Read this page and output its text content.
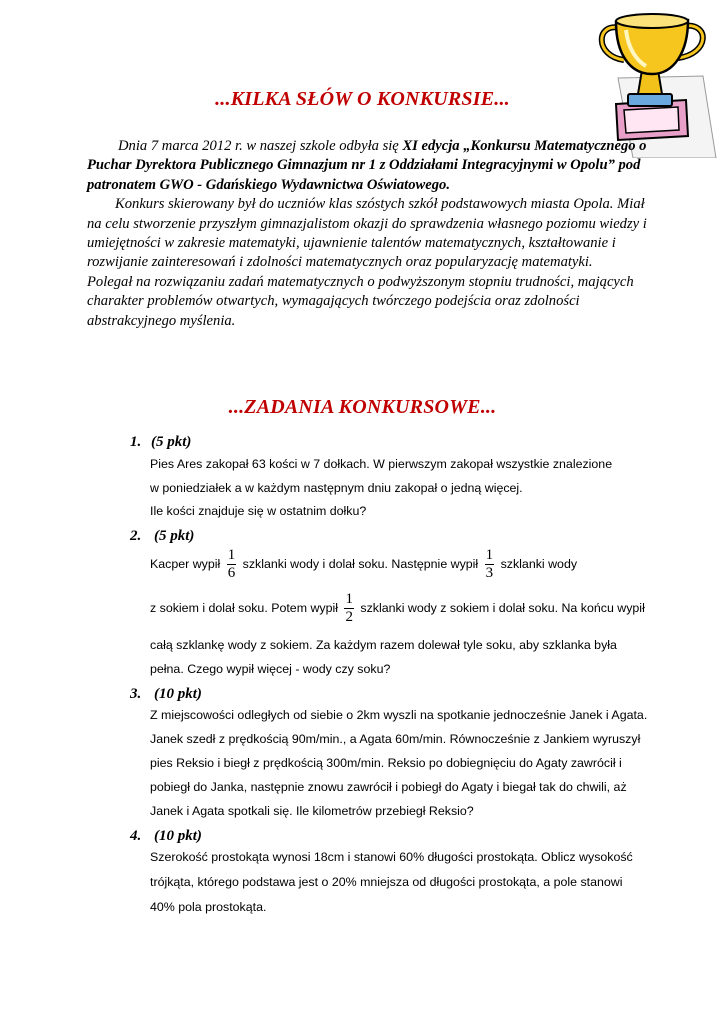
...KILKA SŁÓW O KONKURSIE...

Dnia 7 marca 2012 r. w naszej szkole odbyła się XI edycja „Konkursu Matematycznego o Puchar Dyrektora Publicznego Gimnazjum nr 1 z Oddziałami Integracyjnymi w Opolu” pod patronatem GWO - Gdańskiego Wydawnictwa Oświatowego.

Konkurs skierowany był do uczniów klas szóstych szkół podstawowych miasta Opola. Miał na celu stworzenie przyszłym gimnazjalistom okazji do sprawdzenia własnego poziomu wiedzy i umiejętności w zakresie matematyki, ujawnienie talentów matematycznych, kształtowanie i rozwijanie zainteresowań i zdolności matematycznych oraz popularyzację matematyki.

Polegał na rozwiązaniu zadań matematycznych o podwyższonym stopniu trudności, mających charakter problemów otwartych, wymagających twórczego podejścia oraz zdolności abstrakcyjnego myślenia.

...ZADANIA KONKURSOWE...
1. (5 pkt)
Pies Ares zakopał 63 kości w 7 dołkach. W pierwszym zakopał wszystkie znalezione
w poniedziałek a w każdym następnym dniu zakopał o jedną więcej.
Ile kości znajduje się w ostatnim dołku?
2. (5 pkt)
Kacper wypił $\frac{1}{6}$ szklanki wody i dolał soku. Następnie wypił $\frac{1}{3}$ szklanki wody
z sokiem i dolał soku. Potem wypił $\frac{1}{2}$ szklanki wody z sokiem i dolał soku. Na końcu wypił
całą szklankę wody z sokiem. Za każdym razem dolewał tyle soku, aby szklanka była
pełna. Czego wypił więcej - wody czy soku?
3. (10 pkt)
Z miejscowości odległych od siebie o 2km wyszli na spotkanie jednocześnie Janek i Agata.
Janek szedł z prędkością 90m/min., a Agata 60m/min. Równocześnie z Jankiem wyruszył
pies Reksio i biegł z prędkością 300m/min. Reksio po dobiegnięciu do Agaty zawrócił i
pobiegł do Janka, następnie znowu zawrócił i pobiegł do Agaty i biegał tak do chwili, aż
Janek i Agata spotkali się. Ile kilometrów przebiegł Reksio?
4. (10 pkt)
Szerokość prostokąta wynosi 18cm i stanowi 60% długości prostokąta. Oblicz wysokość
trójkąta, którego podstawa jest o 20% mniejsza od długości prostokąta, a pole stanowi
40% pola prostokąta.
